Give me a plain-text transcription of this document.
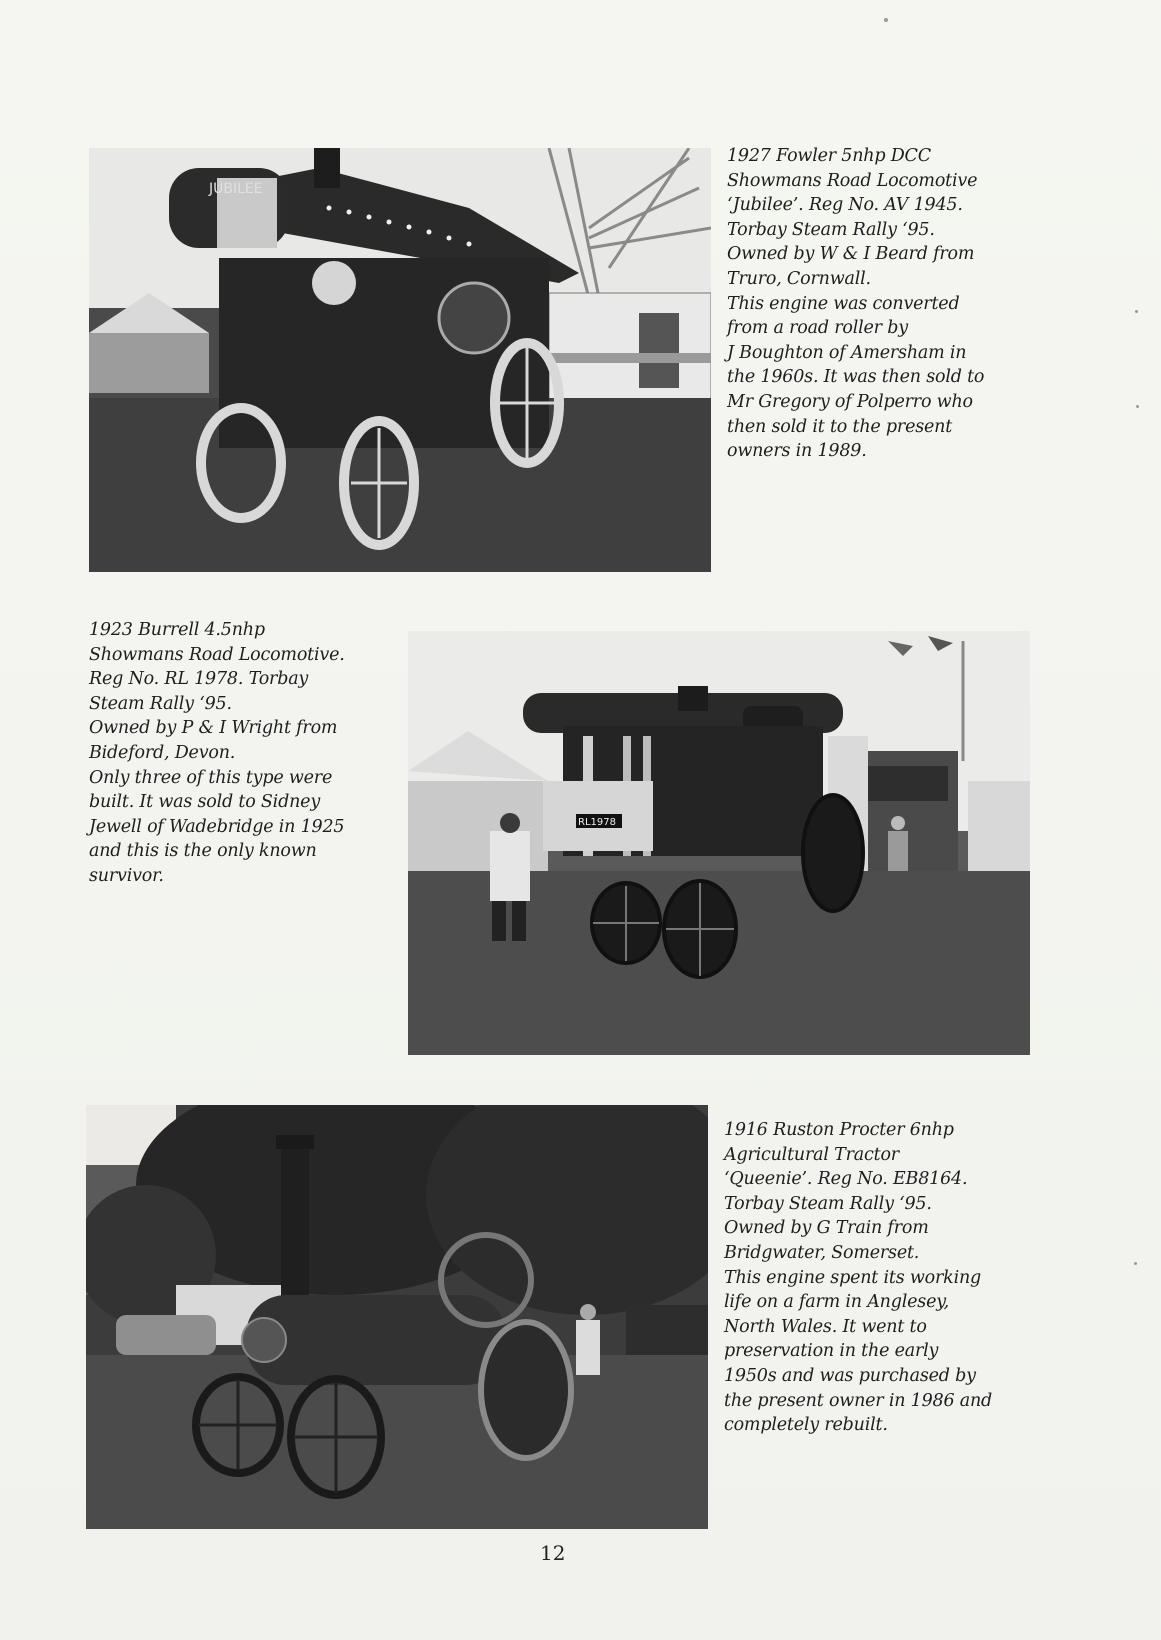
JUBILEE
1927 Fowler 5nhp DCC
Showmans Road Locomotive
‘Jubilee’. Reg No. AV 1945.
Torbay Steam Rally ‘95.
Owned by W & I Beard from
Truro, Cornwall.
This engine was converted
from a road roller by
J Boughton of Amersham in
the 1960s. It was then sold to
Mr Gregory of Polperro who
then sold it to the present
owners in 1989.
1923 Burrell 4.5nhp
Showmans Road Locomotive.
Reg No. RL 1978. Torbay
Steam Rally ‘95.
Owned by P & I Wright from
Bideford, Devon.
Only three of this type were
built. It was sold to Sidney
Jewell of Wadebridge in 1925
and this is the only known
survivor.
RL1978
1916 Ruston Procter 6nhp
Agricultural Tractor
‘Queenie’. Reg No. EB8164.
Torbay Steam Rally ‘95.
Owned by G Train from
Bridgwater, Somerset.
This engine spent its working
life on a farm in Anglesey,
North Wales. It went to
preservation in the early
1950s and was purchased by
the present owner in 1986 and
completely rebuilt.
12
